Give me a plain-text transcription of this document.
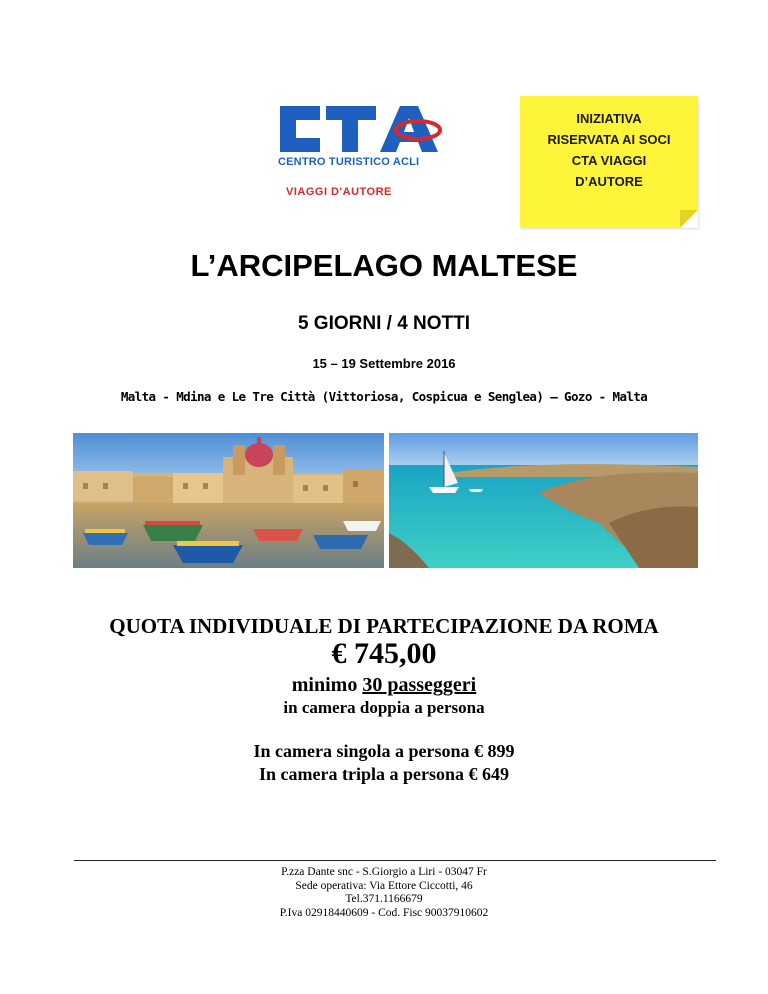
CENTRO TURISTICO ACLI
VIAGGI D'AUTORE
INIZIATIVA
RISERVATA AI SOCI
CTA VIAGGI
D’AUTORE
L’ARCIPELAGO MALTESE
5 GIORNI / 4 NOTTI
15 – 19 Settembre 2016
Malta - Mdina e Le Tre Città (Vittoriosa, Cospicua e Senglea) – Gozo - Malta
QUOTA INDIVIDUALE DI PARTECIPAZIONE DA ROMA
€ 745,00
minimo 30 passeggeri
in camera doppia a persona
In camera singola a persona € 899
In camera tripla a persona € 649
P.zza Dante snc - S.Giorgio a Liri - 03047 Fr
Sede operativa: Via Ettore Ciccotti, 46
Tel.371.1166679
P.Iva 02918440609 - Cod. Fisc 90037910602
